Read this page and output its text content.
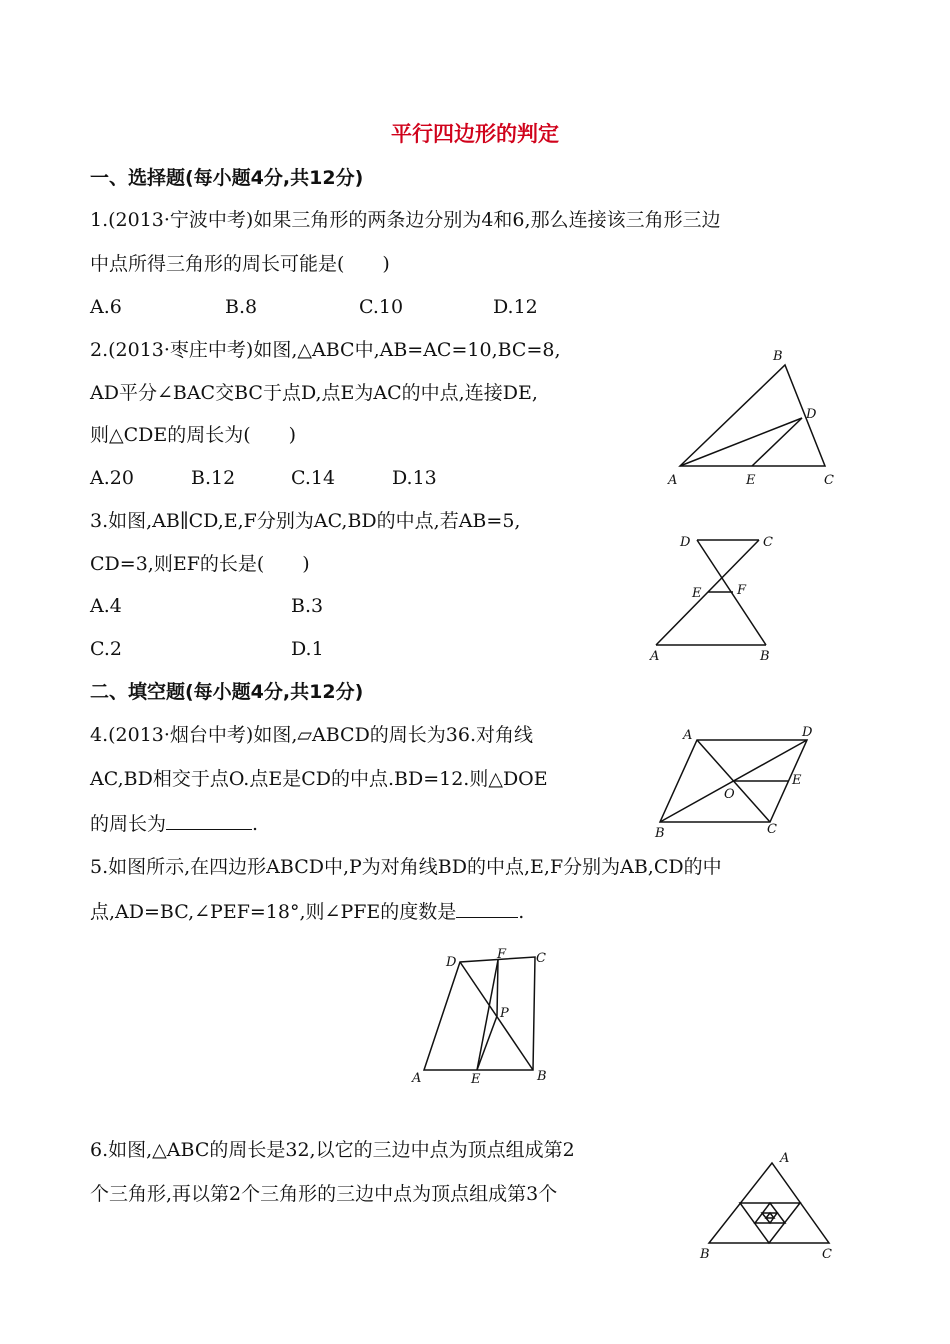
平行四边形的判定
一、选择题(每小题4分,共12分)
1.(2013·宁波中考)如果三角形的两条边分别为4和6,那么连接该三角形三边
中点所得三角形的周长可能是(　　)
A.6	B.8	C.10	D.12
2.(2013·枣庄中考)如图,△ABC中,AB=AC=10,BC=8,
AD平分∠BAC交BC于点D,点E为AC的中点,连接DE,
则△CDE的周长为(　　)
A.20	B.12	C.14	D.13
B
D
A	E	C
3.如图,AB∥CD,E,F分别为AC,BD的中点,若AB=5,
CD=3,则EF的长是(　　)
A.4	B.3
C.2	D.1
D	C
E	F
A	B
二、填空题(每小题4分,共12分)
4.(2013·烟台中考)如图,▱ABCD的周长为36.对角线
AC,BD相交于点O.点E是CD的中点.BD=12.则△DOE
的周长为	.
A	D
E
O
B	C
5.如图所示,在四边形ABCD中,P为对角线BD的中点,E,F分别为AB,CD的中
点,AD=BC,∠PEF=18°,则∠PFE的度数是	.
D
F C
P
A	E	B
6.如图,△ABC的周长是32,以它的三边中点为顶点组成第2
个三角形,再以第2个三角形的三边中点为顶点组成第3个
A
B	C
